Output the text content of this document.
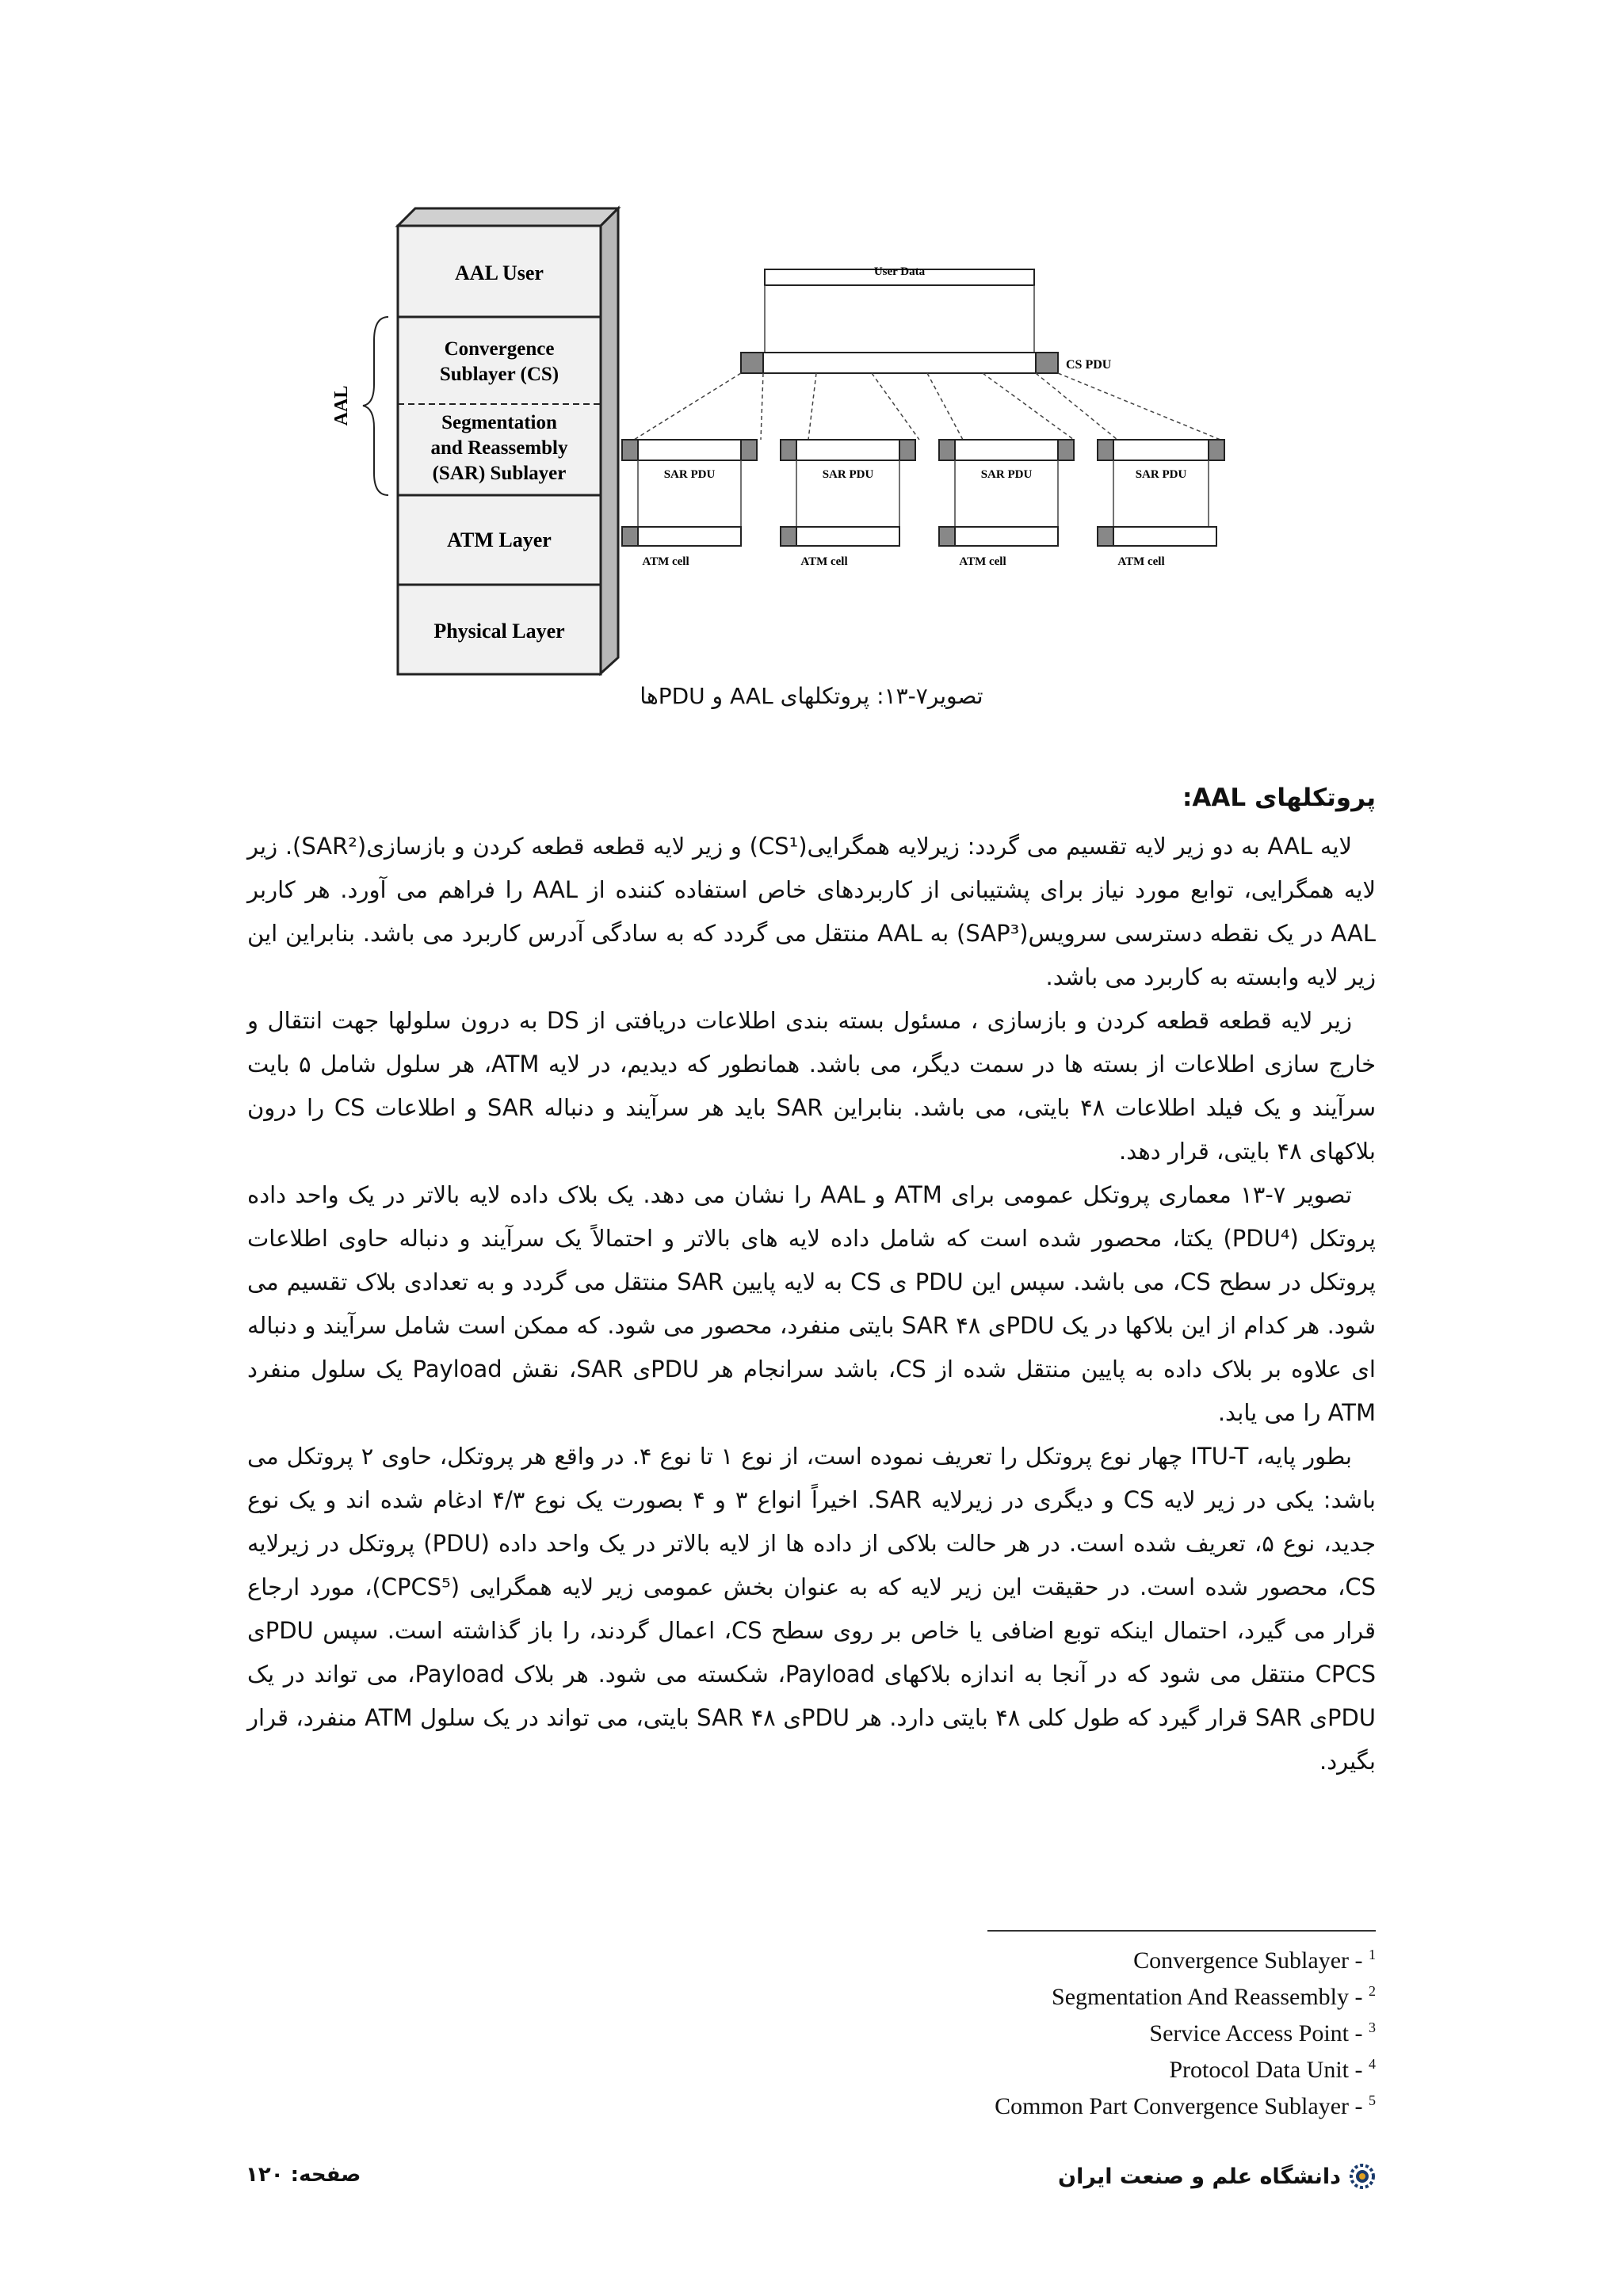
AAL User
Convergence
Sublayer (CS)
Segmentation
and Reassembly
(SAR) Sublayer
ATM Layer
Physical Layer
AAL
User Data
CS PDU
SAR PDU	SAR PDU	SAR PDU	SAR PDU
ATM cell	ATM cell	ATM cell	ATM cell
تصویر۷-۱۳: پروتکلهای AAL و PDUها

پروتکلهای AAL:

لایه AAL به دو زیر لایه تقسیم می گردد: زیرلایه همگرایی(CS¹) و زیر لایه قطعه قطعه کردن و بازسازی(SAR²). زیر لایه همگرایی، توابع مورد نیاز برای پشتیبانی از کاربردهای خاص استفاده کننده از AAL را فراهم می آورد. هر کاربر AAL در یک نقطه دسترسی سرویس(SAP³) به AAL منتقل می گردد که به سادگی آدرس کاربرد می باشد. بنابراین این زیر لایه وابسته به کاربرد می باشد.

زیر لایه قطعه قطعه کردن و بازسازی ، مسئول بسته بندی اطلاعات دریافتی از DS به درون سلولها جهت انتقال و خارج سازی اطلاعات از بسته ها در سمت دیگر، می باشد. همانطور که دیدیم، در لایه ATM، هر سلول شامل ۵ بایت سرآیند و یک فیلد اطلاعات ۴۸ بایتی، می باشد. بنابراین SAR باید هر سرآیند و دنباله SAR و اطلاعات CS را درون بلاکهای ۴۸ بایتی، قرار دهد.

تصویر ۷-۱۳ معماری پروتکل عمومی برای ATM و AAL را نشان می دهد. یک بلاک داده لایه بالاتر در یک واحد داده پروتکل (PDU⁴) یکتا، محصور شده است که شامل داده لایه های بالاتر و احتمالاً یک سرآیند و دنباله حاوی اطلاعات پروتکل در سطح CS، می باشد. سپس این PDU ی CS به لایه پایین SAR منتقل می گردد و به تعدادی بلاک تقسیم می شود. هر کدام از این بلاکها در یک PDUی SAR ۴۸ بایتی منفرد، محصور می شود. که ممکن است شامل سرآیند و دنباله ای علاوه بر بلاک داده به پایین منتقل شده از CS، باشد سرانجام هر PDUی SAR، نقش Payload یک سلول منفرد ATM را می یابد.

بطور پایه، ITU-T چهار نوع پروتکل را تعریف نموده است، از نوع ۱ تا نوع ۴. در واقع هر پروتکل، حاوی ۲ پروتکل می باشد: یکی در زیر لایه CS و دیگری در زیرلایه SAR. اخیراً انواع ۳ و ۴ بصورت یک نوع ۴/۳ ادغام شده اند و یک نوع جدید، نوع ۵، تعریف شده است. در هر حالت بلاکی از داده ها از لایه بالاتر در یک واحد داده (PDU) پروتکل در زیرلایه CS، محصور شده است. در حقیقت این زیر لایه که به عنوان بخش عمومی زیر لایه همگرایی (CPCS⁵)، مورد ارجاع قرار می گیرد، احتمال اینکه توبع اضافی یا خاص بر روی سطح CS، اعمال گردند، را باز گذاشته است. سپس PDUی CPCS منتقل می شود که در آنجا به اندازه بلاکهای Payload، شکسته می شود. هر بلاک Payload، می تواند در یک PDUی SAR قرار گیرد که طول کلی ۴۸ بایتی دارد. هر PDUی SAR ۴۸ بایتی، می تواند در یک سلول ATM منفرد، قرار بگیرد.

Convergence Sublayer - $^1$
Segmentation And Reassembly - $^2$
Service Access Point - $^3$
Protocol Data Unit - $^4$
Common Part Convergence Sublayer - $^5$
صفحه: ۱۲۰	دانشگاه علم و صنعت ایران
